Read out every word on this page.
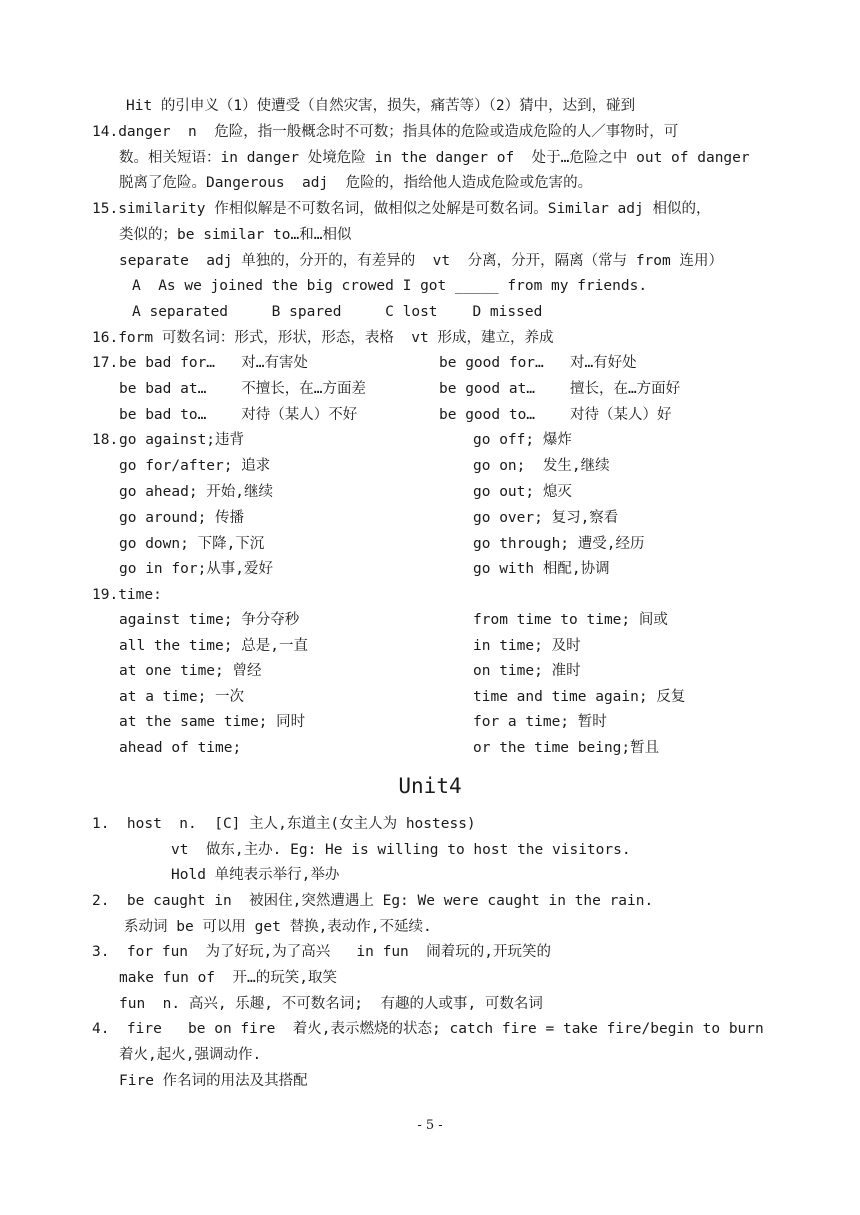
Hit 的引申义（1）使遭受（自然灾害，损失，痛苦等）（2）猜中，达到，碰到
14.danger  n  危险，指一般概念时不可数；指具体的危险或造成危险的人／事物时，可
数。相关短语：in danger 处境危险 in the danger of  处于…危险之中 out of danger
脱离了危险。Dangerous  adj  危险的，指给他人造成危险或危害的。
15.similarity 作相似解是不可数名词，做相似之处解是可数名词。Similar adj 相似的，
类似的；be similar to…和…相似
separate  adj 单独的，分开的，有差异的  vt  分离，分开，隔离（常与 from 连用）
A  As we joined the big crowed I got _____ from my friends.
A separated     B spared     C lost    D missed
16.form 可数名词：形式，形状，形态，表格  vt 形成，建立，养成
17. be bad for…   对…有害处	be good for…   对…有好处
be bad at…    不擅长，在…方面差	be good at…    擅长，在…方面好
be bad to…    对待（某人）不好	be good to…    对待（某人）好
18. go against;违背	go off; 爆炸
go for/after; 追求	go on;  发生,继续
go ahead; 开始,继续	go out; 熄灭
go around; 传播	go over; 复习,察看
go down; 下降,下沉	go through; 遭受,经历
go in for;从事,爱好	go with 相配,协调
19.time:
against time; 争分夺秒	from time to time; 间或
all the time; 总是,一直	in time; 及时
at one time; 曾经	on time; 准时
at a time; 一次	time and time again; 反复
at the same time; 同时	for a time; 暂时
ahead of time;	or the time being;暂且
Unit4
1.  host  n.  [C] 主人,东道主(女主人为 hostess)
vt  做东,主办. Eg: He is willing to host the visitors.
Hold 单纯表示举行,举办
2.  be caught in  被困住,突然遭遇上 Eg: We were caught in the rain.
系动词 be 可以用 get 替换,表动作,不延续.
3.  for fun  为了好玩,为了高兴   in fun  闹着玩的,开玩笑的
make fun of  开…的玩笑,取笑
fun  n. 高兴, 乐趣, 不可数名词;  有趣的人或事, 可数名词
4.  fire   be on fire  着火,表示燃烧的状态; catch fire = take fire/begin to burn
着火,起火,强调动作.
Fire 作名词的用法及其搭配
- 5 -
